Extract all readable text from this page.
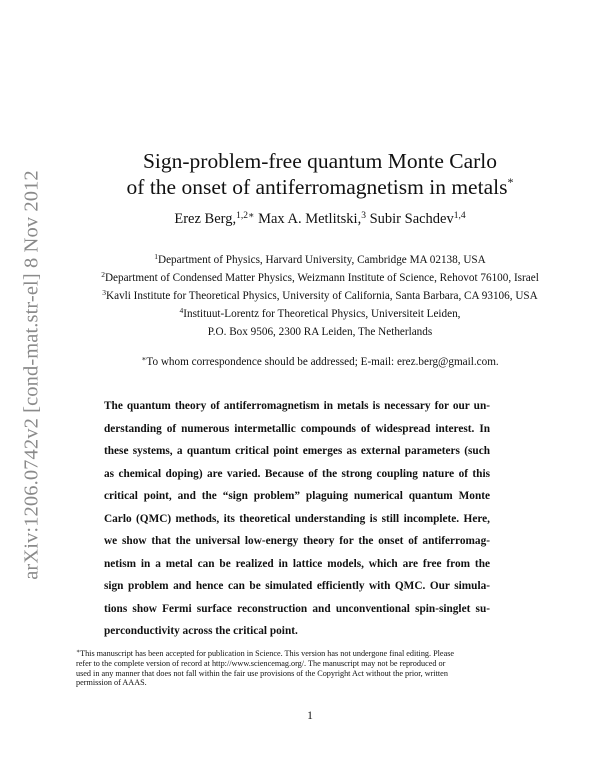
arXiv:1206.0742v2 [cond-mat.str-el] 8 Nov 2012
Sign-problem-free quantum Monte Carlo
of the onset of antiferromagnetism in metals*
Erez Berg,$^{1,2∗}$ Max A. Metlitski,$^3$ Subir Sachdev$^{1,4}$
$^1$Department of Physics, Harvard University, Cambridge MA 02138, USA
$^2$Department of Condensed Matter Physics, Weizmann Institute of Science, Rehovot 76100, Israel
$^3$Kavli Institute for Theoretical Physics, University of California, Santa Barbara, CA 93106, USA
$^4$Instituut-Lorentz for Theoretical Physics, Universiteit Leiden,
P.O. Box 9506, 2300 RA Leiden, The Netherlands
∗To whom correspondence should be addressed; E-mail: erez.berg@gmail.com.
The quantum theory of antiferromagnetism in metals is necessary for our un-
derstanding of numerous intermetallic compounds of widespread interest. In
these systems, a quantum critical point emerges as external parameters (such
as chemical doping) are varied. Because of the strong coupling nature of this
critical point, and the “sign problem” plaguing numerical quantum Monte
Carlo (QMC) methods, its theoretical understanding is still incomplete. Here,
we show that the universal low-energy theory for the onset of antiferromag-
netism in a metal can be realized in lattice models, which are free from the
sign problem and hence can be simulated efficiently with QMC. Our simula-
tions show Fermi surface reconstruction and unconventional spin-singlet su-
perconductivity across the critical point.
∗This manuscript has been accepted for publication in Science. This version has not undergone final editing. Please
refer to the complete version of record at http://www.sciencemag.org/. The manuscript may not be reproduced or
used in any manner that does not fall within the fair use provisions of the Copyright Act without the prior, written
permission of AAAS.
1
